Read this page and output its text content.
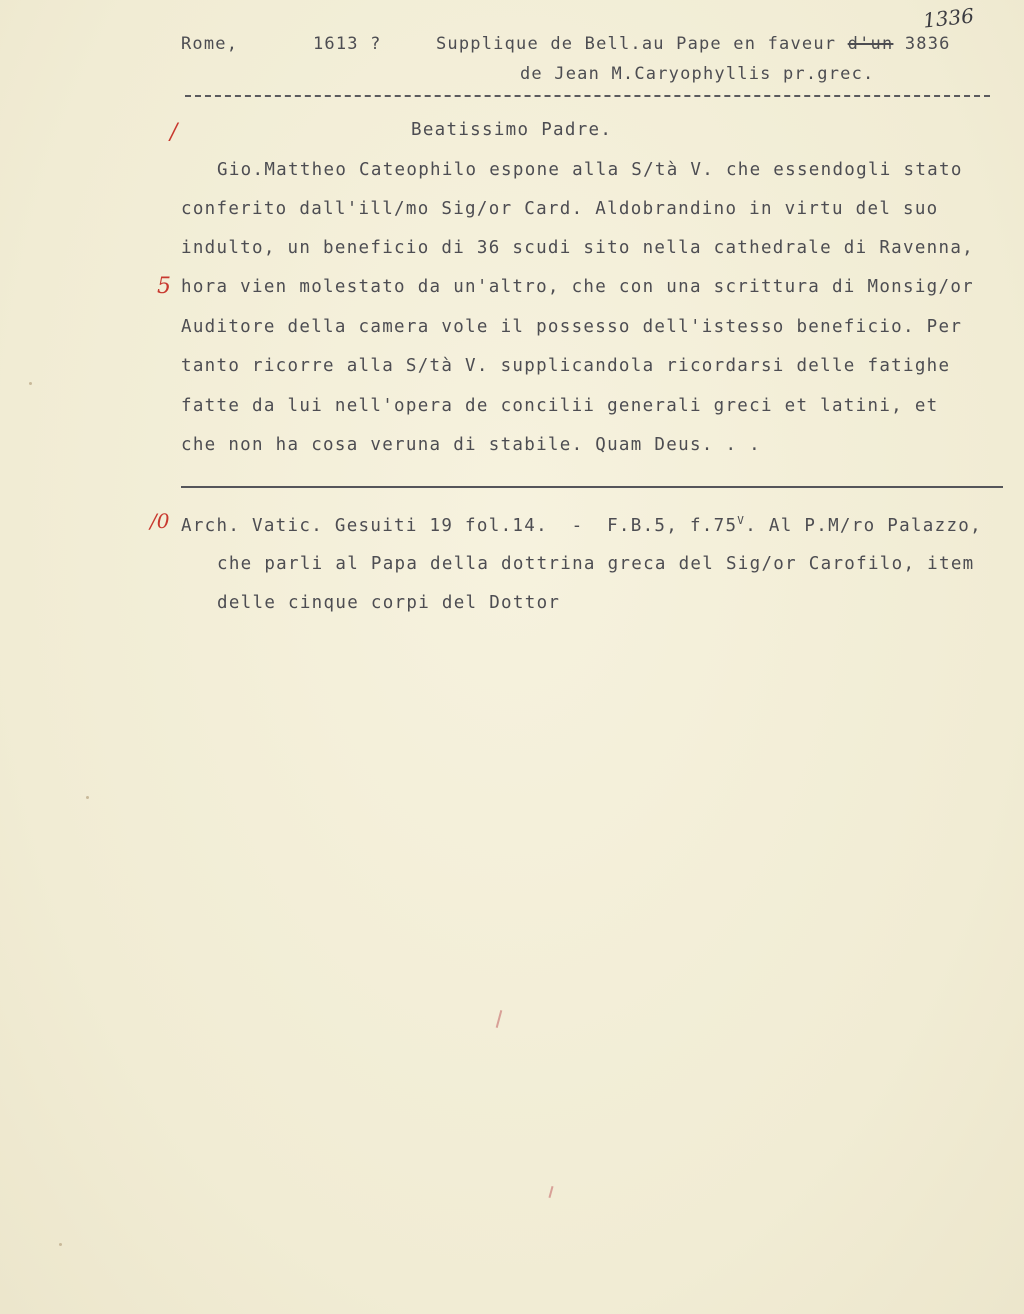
1336
Rome,	1613 ?	Supplique de Bell.au Pape en faveur d'un 3836
de Jean M.Caryophyllis pr.grec.
/
5
/0
Beatissimo Padre.
Gio.Mattheo Cateophilo espone alla S/tà V. che essendogli stato
conferito dall'ill/mo Sig/or Card. Aldobrandino in virtu del suo
indulto, un beneficio di 36 scudi sito nella cathedrale di Ravenna,
hora vien molestato da un'altro, che con una scrittura di Monsig/or
Auditore della camera vole il possesso dell'istesso beneficio. Per
tanto ricorre alla S/tà V. supplicandola ricordarsi delle fatighe
fatte da lui nell'opera de concilii generali greci et latini, et
che non ha cosa veruna di stabile. Quam Deus. . .
Arch. Vatic. Gesuiti 19 fol.14.  -  F.B.5, $f.75^V$. Al P.M/ro Palazzo,
che parli al Papa della dottrina greca del Sig/or Carofilo, item
delle cinque corpi del Dottor
